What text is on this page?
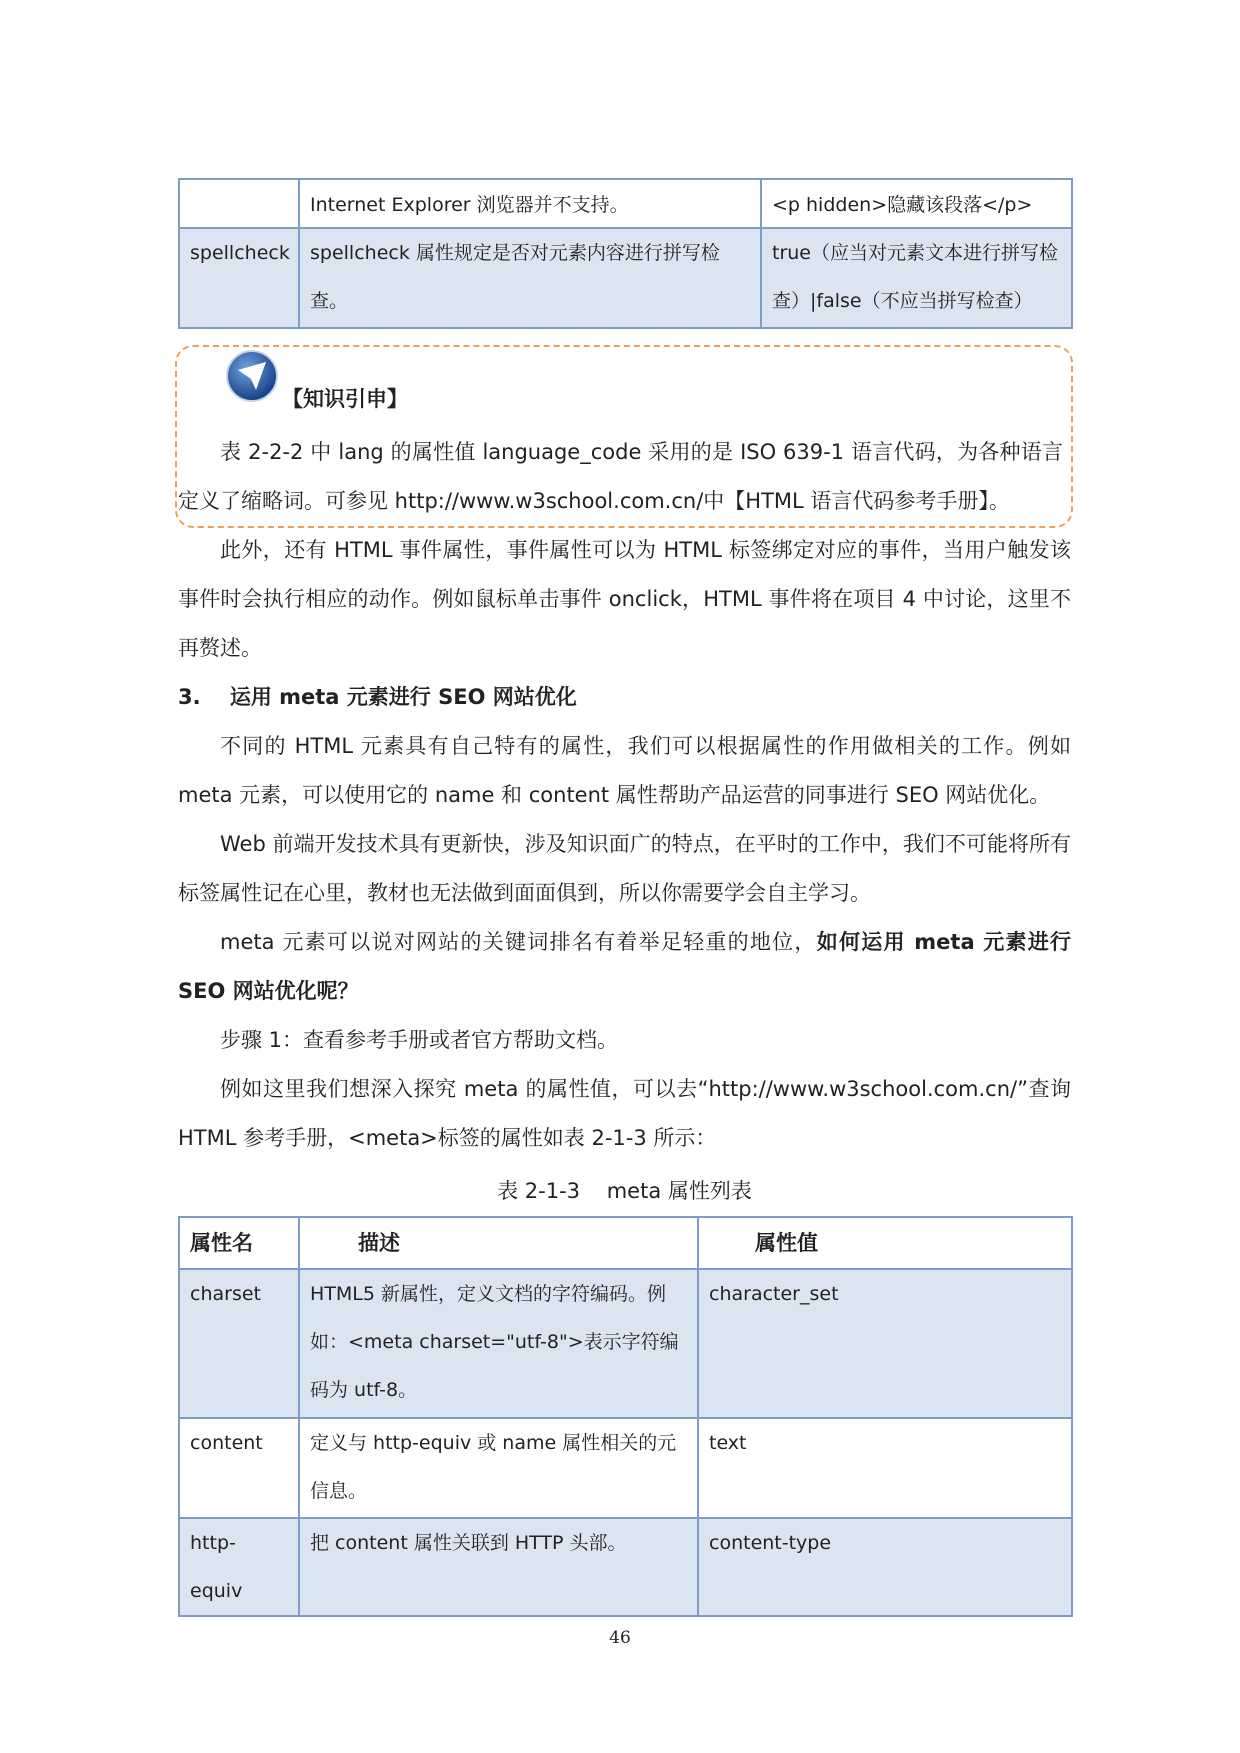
	Internet Explorer 浏览器并不支持。	<p hidden>隐藏该段落</p>
spellcheck	spellcheck 属性规定是否对元素内容进行拼写检查。	true（应当对元素文本进行拼写检查）|false（不应当拼写检查）
【知识引申】
表 2-2-2 中 lang 的属性值 language_code 采用的是 ISO 639-1 语言代码，为各种语言定义了缩略词。可参见 http://www.w3school.com.cn/中【HTML 语言代码参考手册】。
此外，还有 HTML 事件属性，事件属性可以为 HTML 标签绑定对应的事件，当用户触发该事件时会执行相应的动作。例如鼠标单击事件 onclick，HTML 事件将在项目 4 中讨论，这里不再赘述。
3.    运用 meta 元素进行 SEO 网站优化
不同的 HTML 元素具有自己特有的属性，我们可以根据属性的作用做相关的工作。例如 meta 元素，可以使用它的 name 和 content 属性帮助产品运营的同事进行 SEO 网站优化。
Web 前端开发技术具有更新快，涉及知识面广的特点，在平时的工作中，我们不可能将所有标签属性记在心里，教材也无法做到面面俱到，所以你需要学会自主学习。
meta 元素可以说对网站的关键词排名有着举足轻重的地位，如何运用 meta 元素进行 SEO 网站优化呢？
步骤 1：查看参考手册或者官方帮助文档。
例如这里我们想深入探究 meta 的属性值，可以去“http://www.w3school.com.cn/”查询 HTML 参考手册，<meta>标签的属性如表 2-1-3 所示：
表 2-1-3    meta 属性列表
属性名	描述	属性值
charset	HTML5 新属性，定义文档的字符编码。例如：<meta charset="utf-8">表示字符编码为 utf-8。	character_set
content	定义与 http-equiv 或 name 属性相关的元信息。	text
http-equiv	把 content 属性关联到 HTTP 头部。	content-type
46
